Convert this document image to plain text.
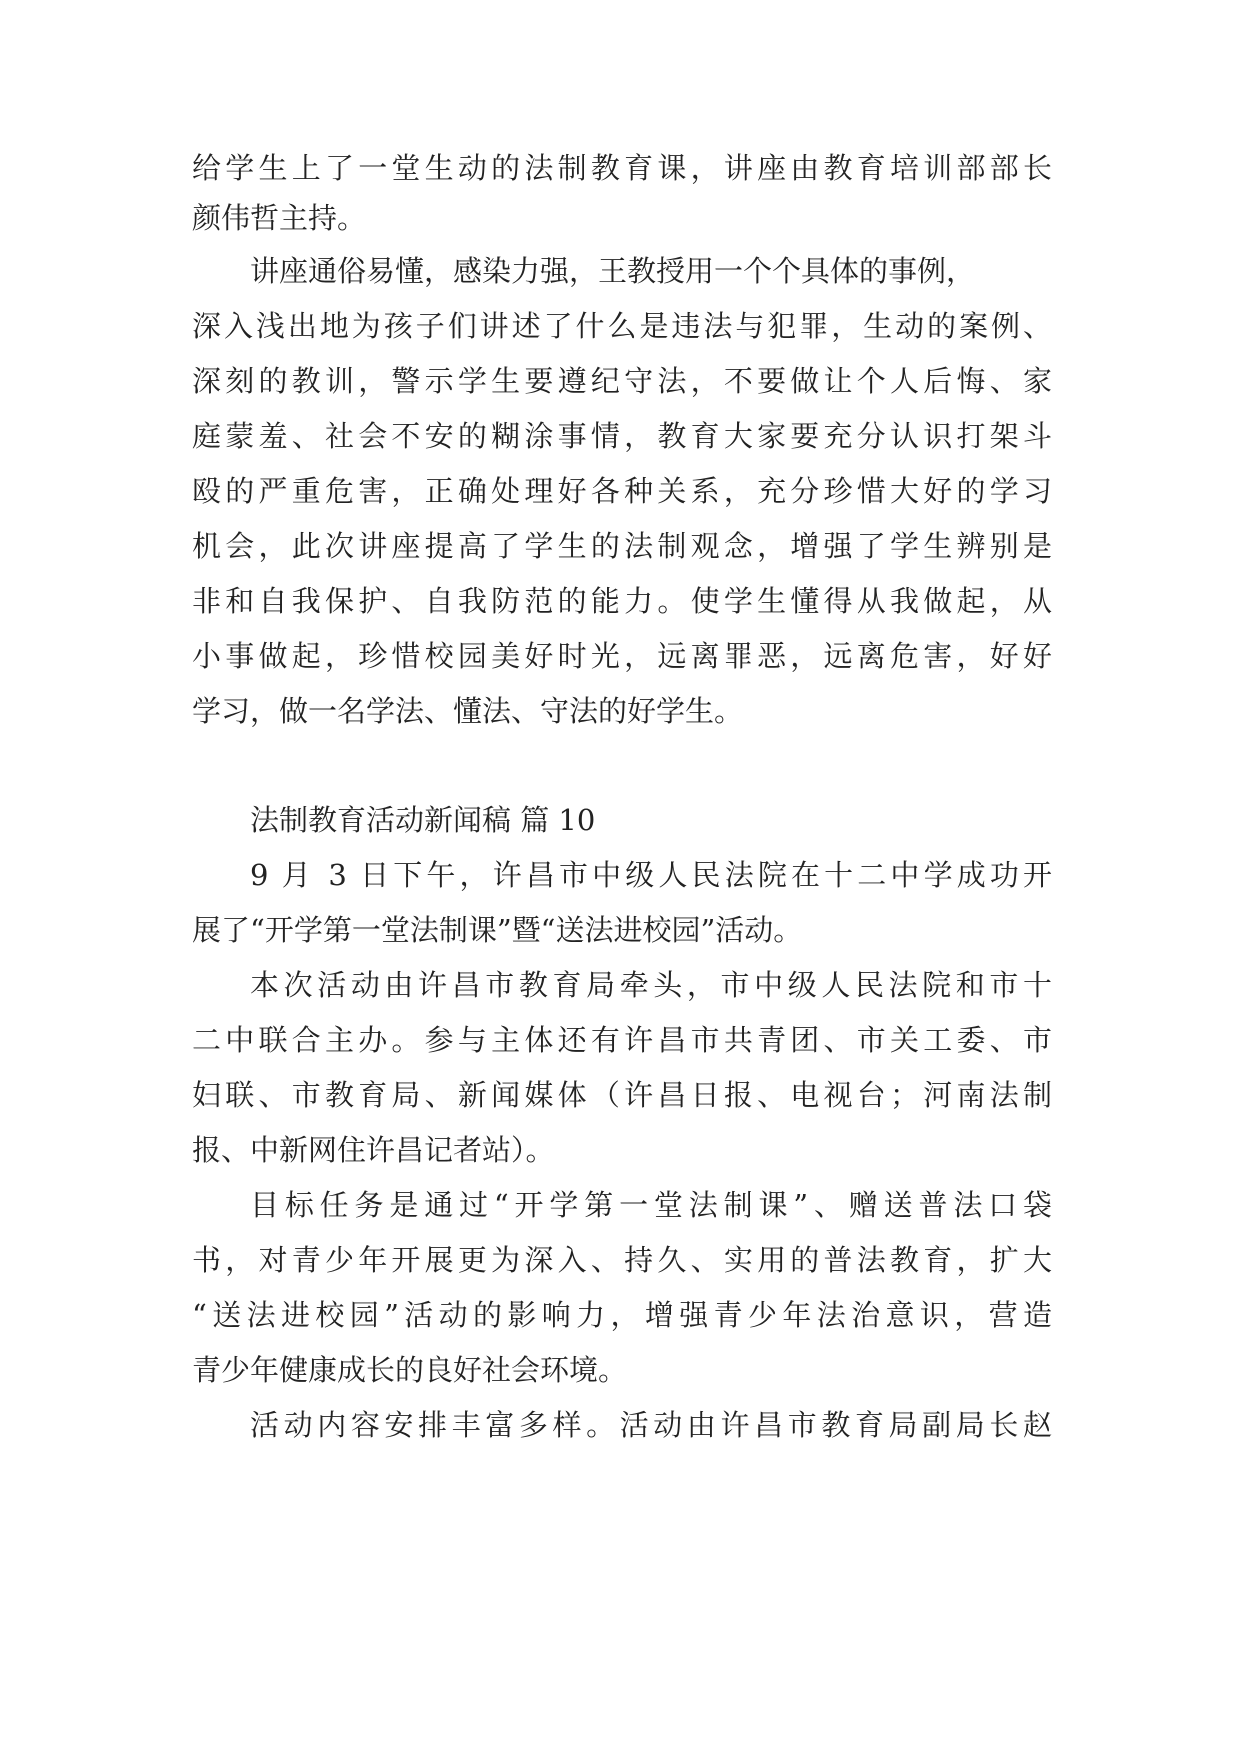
给学生上了一堂生动的法制教育课，讲座由教育培训部部长
颜伟哲主持。
讲座通俗易懂，感染力强，王教授用一个个具体的事例，
深入浅出地为孩子们讲述了什么是违法与犯罪，生动的案例、
深刻的教训，警示学生要遵纪守法，不要做让个人后悔、家
庭蒙羞、社会不安的糊涂事情，教育大家要充分认识打架斗
殴的严重危害，正确处理好各种关系，充分珍惜大好的学习
机会，此次讲座提高了学生的法制观念，增强了学生辨别是
非和自我保护、自我防范的能力。使学生懂得从我做起，从
小事做起，珍惜校园美好时光，远离罪恶，远离危害，好好
学习，做一名学法、懂法、守法的好学生。
法制教育活动新闻稿 篇 10
9 月 3 日下午，许昌市中级人民法院在十二中学成功开
展了“开学第一堂法制课”暨“送法进校园”活动。
本次活动由许昌市教育局牵头，市中级人民法院和市十
二中联合主办。参与主体还有许昌市共青团、市关工委、市
妇联、市教育局、新闻媒体（许昌日报、电视台；河南法制
报、中新网住许昌记者站）。
目标任务是通过“开学第一堂法制课”、赠送普法口袋
书，对青少年开展更为深入、持久、实用的普法教育，扩大
“送法进校园”活动的影响力，增强青少年法治意识，营造
青少年健康成长的良好社会环境。
活动内容安排丰富多样。活动由许昌市教育局副局长赵
